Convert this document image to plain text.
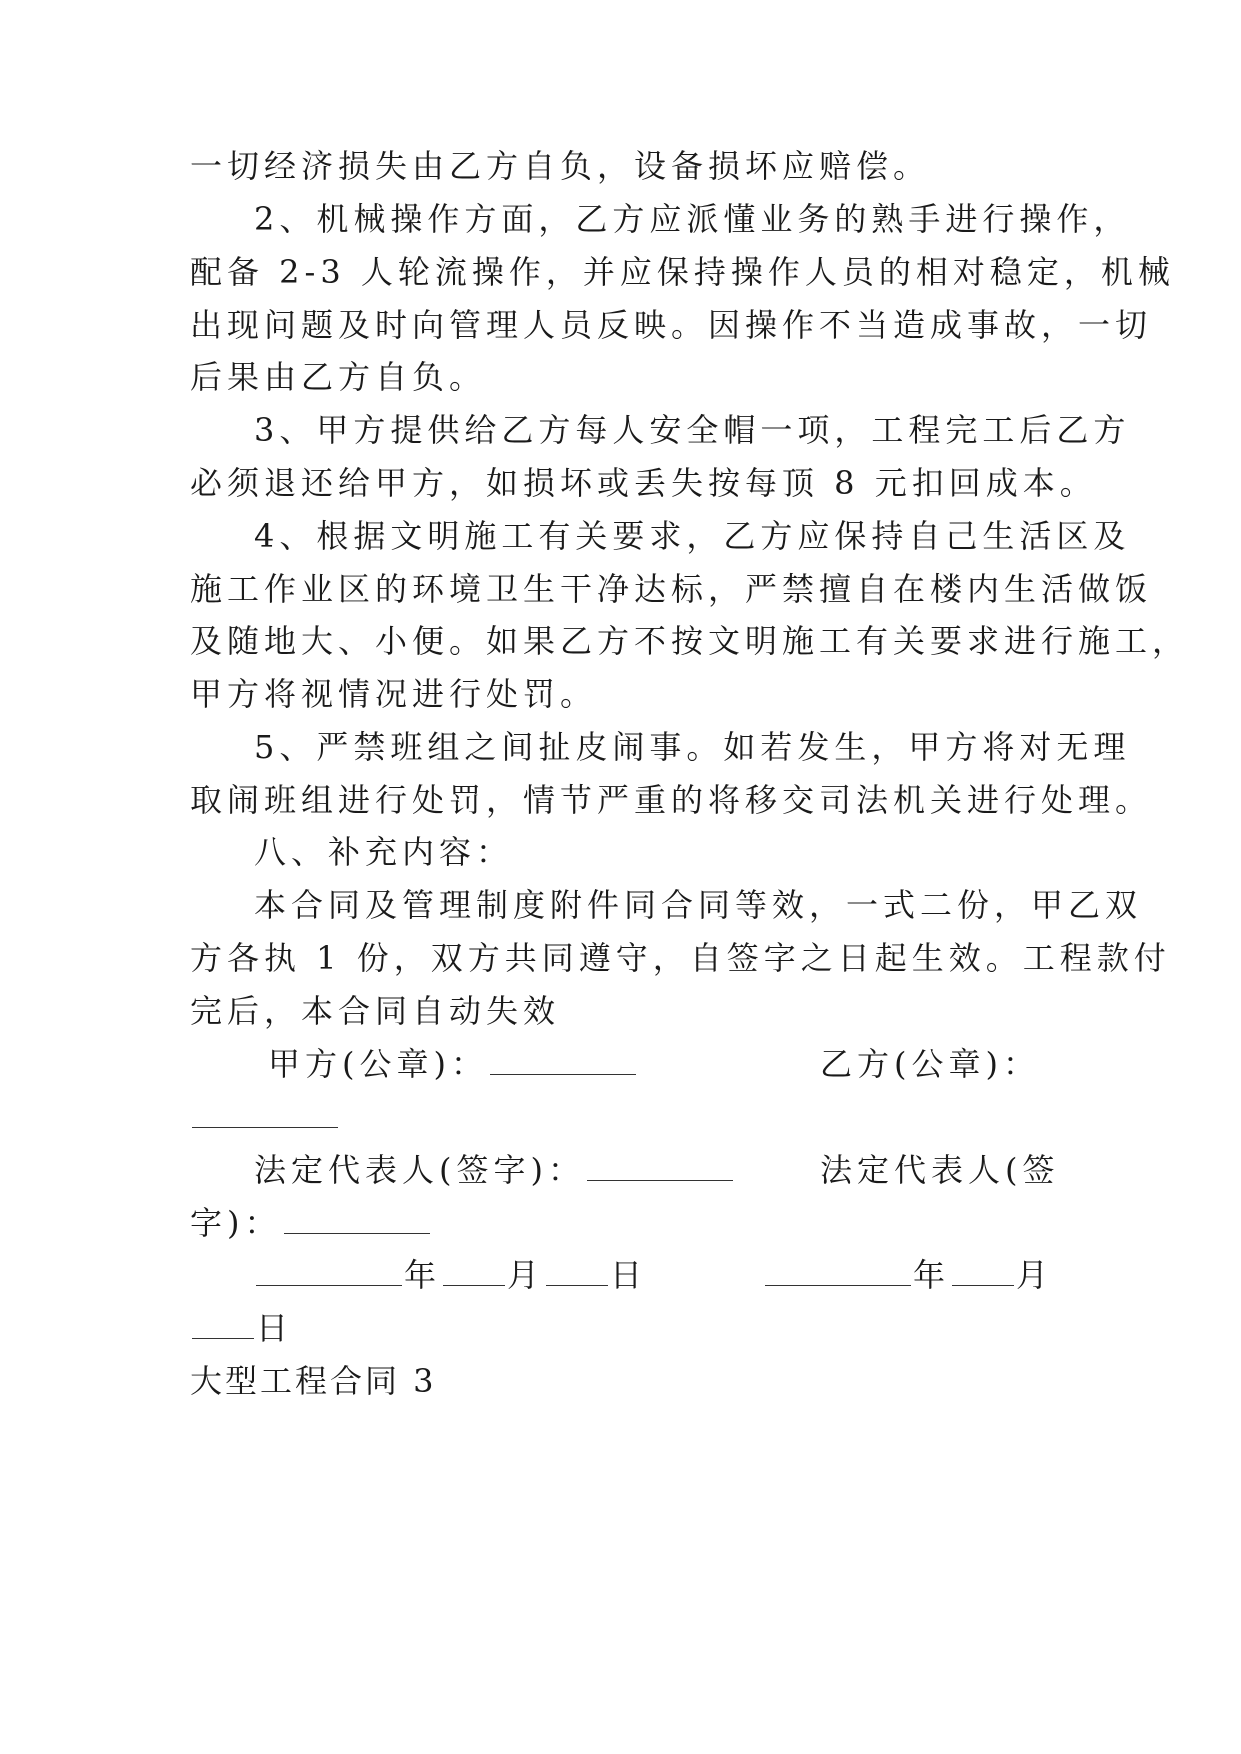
一切经济损失由乙方自负，设备损坏应赔偿。
2、机械操作方面，乙方应派懂业务的熟手进行操作，
配备 2-3 人轮流操作，并应保持操作人员的相对稳定，机械
出现问题及时向管理人员反映。因操作不当造成事故，一切
后果由乙方自负。
3、甲方提供给乙方每人安全帽一项，工程完工后乙方
必须退还给甲方，如损坏或丢失按每顶 8 元扣回成本。
4、根据文明施工有关要求，乙方应保持自己生活区及
施工作业区的环境卫生干净达标，严禁擅自在楼内生活做饭
及随地大、小便。如果乙方不按文明施工有关要求进行施工，
甲方将视情况进行处罚。
5、严禁班组之间扯皮闹事。如若发生，甲方将对无理
取闹班组进行处罚，情节严重的将移交司法机关进行处理。
八、补充内容：
本合同及管理制度附件同合同等效，一式二份，甲乙双
方各执 1 份，双方共同遵守，自签字之日起生效。工程款付
完后，本合同自动失效
甲方(公章)：	乙方(公章)：
法定代表人(签字)：	法定代表人(签
字)：
年 月 日	年 月
日
大型工程合同 3
